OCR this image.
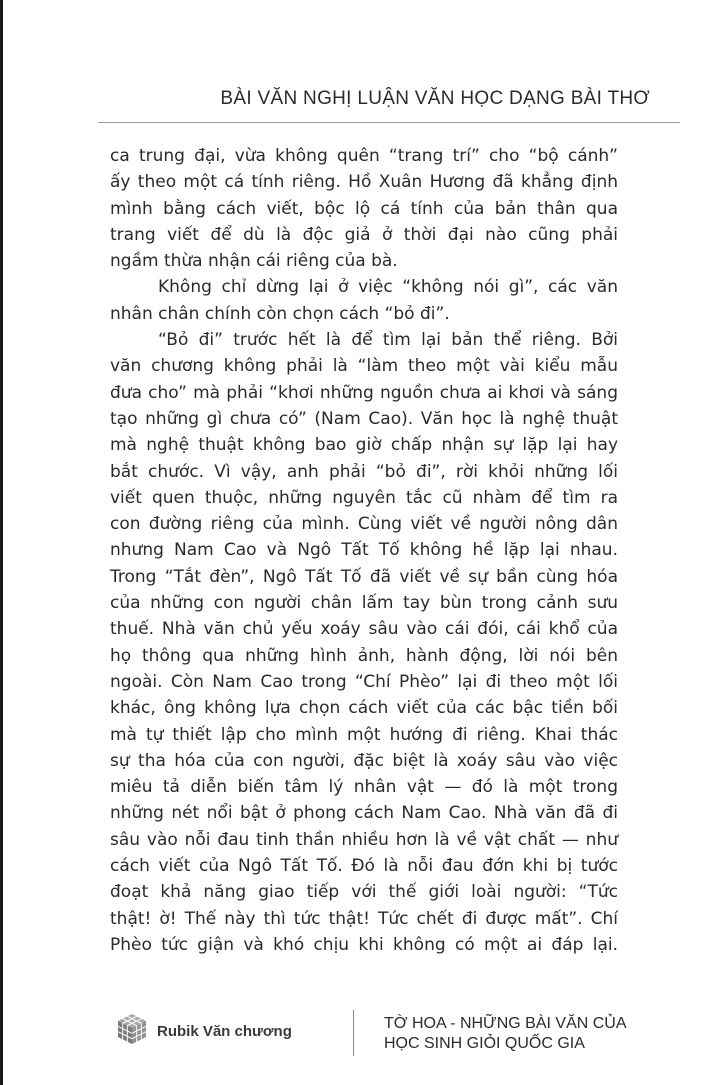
BÀI VĂN NGHỊ LUẬN VĂN HỌC DẠNG BÀI THƠ
ca trung đại, vừa không quên “trang trí” cho “bộ cánh”
ấy theo một cá tính riêng. Hồ Xuân Hương đã khẳng định
mình bằng cách viết, bộc lộ cá tính của bản thân qua
trang viết để dù là độc giả ở thời đại nào cũng phải
ngầm thừa nhận cái riêng của bà.
Không chỉ dừng lại ở việc “không nói gì”, các văn
nhân chân chính còn chọn cách “bỏ đi”.
“Bỏ đi” trước hết là để tìm lại bản thể riêng. Bởi
văn chương không phải là “làm theo một vài kiểu mẫu
đưa cho” mà phải “khơi những nguồn chưa ai khơi và sáng
tạo những gì chưa có” (Nam Cao). Văn học là nghệ thuật
mà nghệ thuật không bao giờ chấp nhận sự lặp lại hay
bắt chước. Vì vậy, anh phải “bỏ đi”, rời khỏi những lối
viết quen thuộc, những nguyên tắc cũ nhàm để tìm ra
con đường riêng của mình. Cùng viết về người nông dân
nhưng Nam Cao và Ngô Tất Tố không hề lặp lại nhau.
Trong “Tắt đèn”, Ngô Tất Tố đã viết về sự bần cùng hóa
của những con người chân lấm tay bùn trong cảnh sưu
thuế. Nhà văn chủ yếu xoáy sâu vào cái đói, cái khổ của
họ thông qua những hình ảnh, hành động, lời nói bên
ngoài. Còn Nam Cao trong “Chí Phèo” lại đi theo một lối
khác, ông không lựa chọn cách viết của các bậc tiền bối
mà tự thiết lập cho mình một hướng đi riêng. Khai thác
sự tha hóa của con người, đặc biệt là xoáy sâu vào việc
miêu tả diễn biến tâm lý nhân vật — đó là một trong
những nét nổi bật ở phong cách Nam Cao. Nhà văn đã đi
sâu vào nỗi đau tinh thần nhiều hơn là về vật chất — như
cách viết của Ngô Tất Tố. Đó là nỗi đau đớn khi bị tước
đoạt khả năng giao tiếp với thế giới loài người: “Tức
thật! ờ! Thế này thì tức thật! Tức chết đi được mất”. Chí
Phèo tức giận và khó chịu khi không có một ai đáp lại.
Rubik Văn chương	TỜ HOA - NHỮNG BÀI VĂN CỦA
HỌC SINH GIỎI QUỐC GIA
